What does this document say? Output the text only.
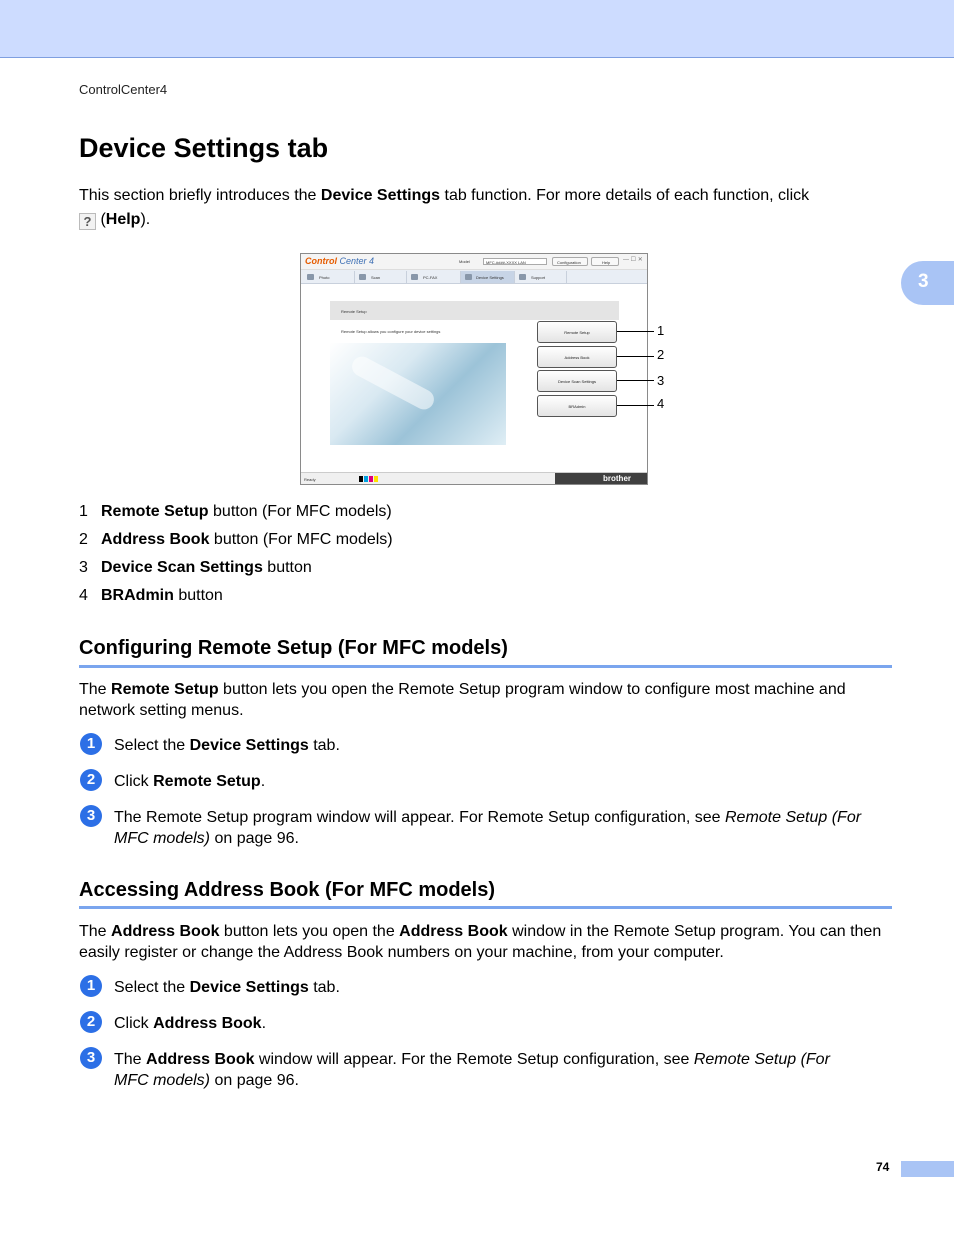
ControlCenter4
3
Device Settings tab
This section briefly introduces the Device Settings tab function. For more details of each function, click
? (Help).
Control Center 4	Model	MFC-####-XXXX LAN	Configuration	Help — ☐ ✕
Photo	Scan	PC-FAX	Device Settings	Support
Remote Setup
Remote Setup allows you configure your device settings	Remote Setup
Address Book
Device Scan Settings
BRAdmin
Ready	brother
1
2
3
4
1 Remote Setup button (For MFC models)
2 Address Book button (For MFC models)
3 Device Scan Settings button
4 BRAdmin button
Configuring Remote Setup (For MFC models)
The Remote Setup button lets you open the Remote Setup program window to configure most machine and network setting menus.
1	Select the Device Settings tab.
2	Click Remote Setup.
3	The Remote Setup program window will appear. For Remote Setup configuration, see Remote Setup (For MFC models) on page 96.
Accessing Address Book (For MFC models)
The Address Book button lets you open the Address Book window in the Remote Setup program. You can then easily register or change the Address Book numbers on your machine, from your computer.
1	Select the Device Settings tab.
2	Click Address Book.
3	The Address Book window will appear. For the Remote Setup configuration, see Remote Setup (For MFC models) on page 96.
74
